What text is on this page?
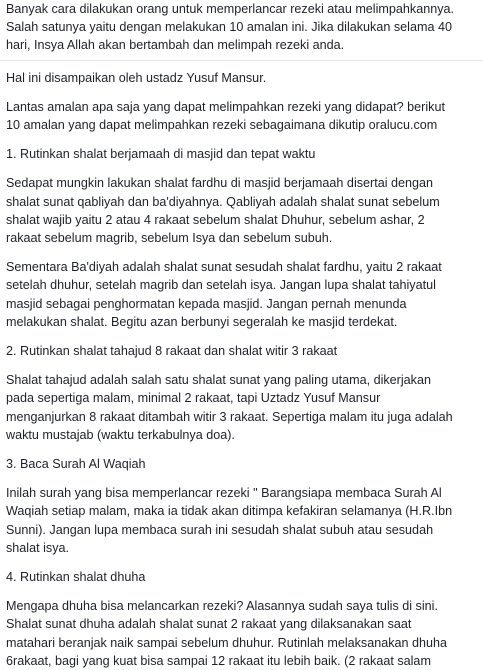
Banyak cara dilakukan orang untuk memperlancar rezeki atau melimpahkannya.
Salah satunya yaitu dengan melakukan 10 amalan ini. Jika dilakukan selama 40
hari, Insya Allah akan bertambah dan melimpah rezeki anda.
Hal ini disampaikan oleh ustadz Yusuf Mansur.
Lantas amalan apa saja yang dapat melimpahkan rezeki yang didapat? berikut
10 amalan yang dapat melimpahkan rezeki sebagaimana dikutip oralucu.com
1. Rutinkan shalat berjamaah di masjid dan tepat waktu
Sedapat mungkin lakukan shalat fardhu di masjid berjamaah disertai dengan
shalat sunat qabliyah dan ba'diyahnya. Qabliyah adalah shalat sunat sebelum
shalat wajib yaitu 2 atau 4 rakaat sebelum shalat Dhuhur, sebelum ashar, 2
rakaat sebelum magrib, sebelum Isya dan sebelum subuh.
Sementara Ba'diyah adalah shalat sunat sesudah shalat fardhu, yaitu 2 rakaat
setelah dhuhur, setelah magrib dan setelah isya. Jangan lupa shalat tahiyatul
masjid sebagai penghormatan kepada masjid. Jangan pernah menunda
melakukan shalat. Begitu azan berbunyi segeralah ke masjid terdekat.
2. Rutinkan shalat tahajud 8 rakaat dan shalat witir 3 rakaat
Shalat tahajud adalah salah satu shalat sunat yang paling utama, dikerjakan
pada sepertiga malam, minimal 2 rakaat, tapi Uztadz Yusuf Mansur
menganjurkan 8 rakaat ditambah witir 3 rakaat. Sepertiga malam itu juga adalah
waktu mustajab (waktu terkabulnya doa).
3. Baca Surah Al Waqiah
Inilah surah yang bisa memperlancar rezeki " Barangsiapa membaca Surah Al
Waqiah setiap malam, maka ia tidak akan ditimpa kefakiran selamanya (H.R.Ibn
Sunni). Jangan lupa membaca surah ini sesudah shalat subuh atau sesudah
shalat isya.
4. Rutinkan shalat dhuha
Mengapa dhuha bisa melancarkan rezeki? Alasannya sudah saya tulis di sini.
Shalat sunat dhuha adalah shalat sunat 2 rakaat yang dilaksanakan saat
matahari beranjak naik sampai sebelum dhuhur. Rutinlah melaksanakan dhuha
6rakaat, bagi yang kuat bisa sampai 12 rakaat itu lebih baik. (2 rakaat salam
